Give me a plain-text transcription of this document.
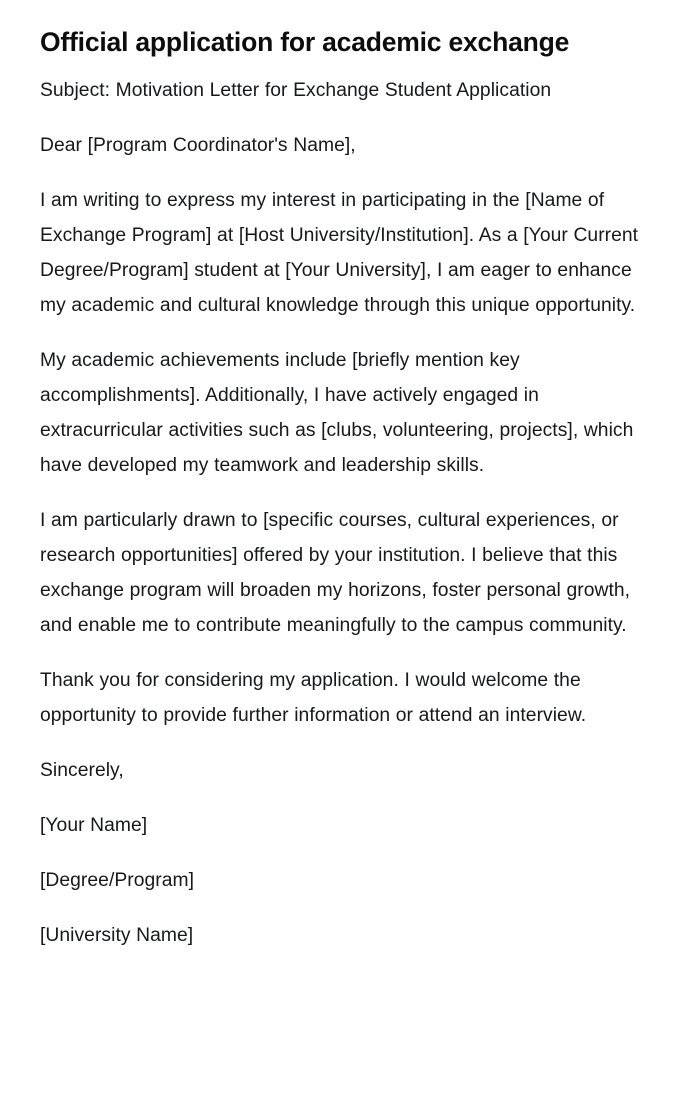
Official application for academic exchange

Subject: Motivation Letter for Exchange Student Application

Dear [Program Coordinator's Name],

I am writing to express my interest in participating in the [Name of Exchange Program] at [Host University/Institution]. As a [Your Current Degree/Program] student at [Your University], I am eager to enhance my academic and cultural knowledge through this unique opportunity.

My academic achievements include [briefly mention key accomplishments]. Additionally, I have actively engaged in extracurricular activities such as [clubs, volunteering, projects], which have developed my teamwork and leadership skills.

I am particularly drawn to [specific courses, cultural experiences, or research opportunities] offered by your institution. I believe that this exchange program will broaden my horizons, foster personal growth, and enable me to contribute meaningfully to the campus community.

Thank you for considering my application. I would welcome the opportunity to provide further information or attend an interview.

Sincerely,

[Your Name]

[Degree/Program]

[University Name]
